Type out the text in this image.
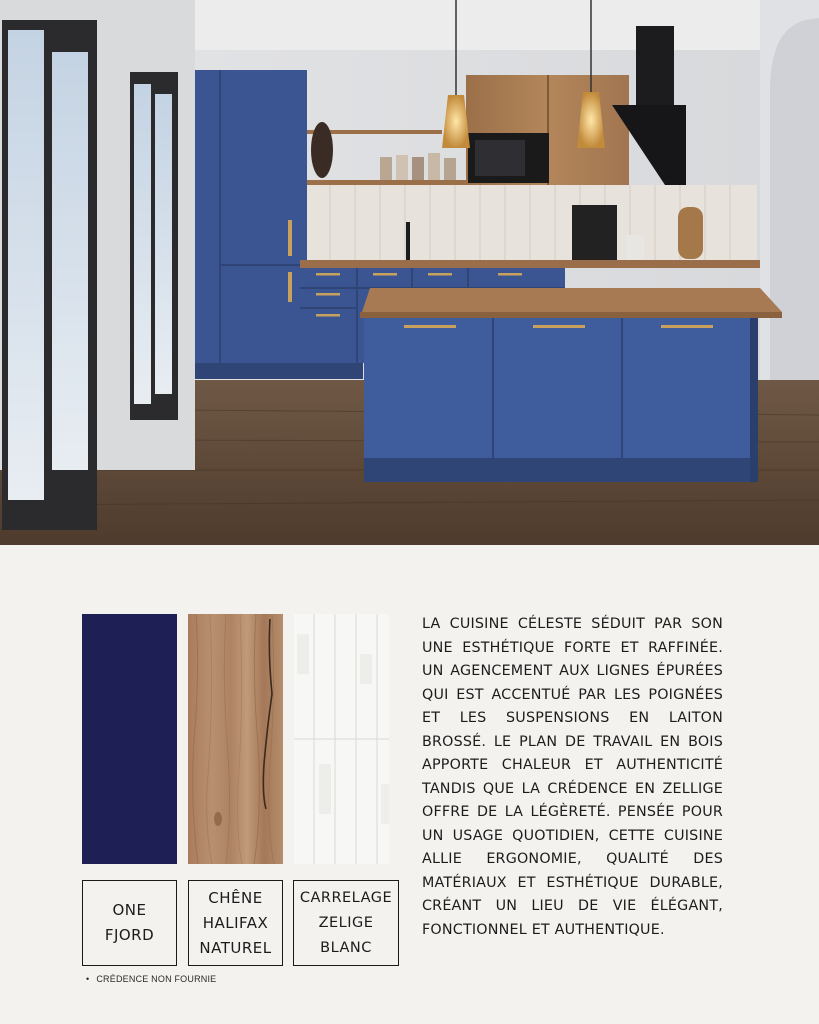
ONE
FJORD
CHÊNE
HALIFAX
NATUREL
CARRELAGE
ZELIGE
BLANC
• CRÉDENCE NON FOURNIE

LA CUISINE CÉLESTE SÉDUIT PAR SON UNE ESTHÉTIQUE FORTE ET RAFFINÉE. UN AGENCEMENT AUX LIGNES ÉPURÉES QUI EST ACCENTUÉ PAR LES POIGNÉES ET LES SUSPENSIONS EN LAITON BROSSÉ. LE PLAN DE TRAVAIL EN BOIS APPORTE CHALEUR ET AUTHENTICITÉ TANDIS QUE LA CRÉDENCE EN ZELLIGE OFFRE DE LA LÉGÈRETÉ. PENSÉE POUR UN USAGE QUOTIDIEN, CETTE CUISINE ALLIE ERGONOMIE, QUALITÉ DES MATÉRIAUX ET ESTHÉTIQUE DURABLE, CRÉANT UN LIEU DE VIE ÉLÉGANT, FONCTIONNEL ET AUTHENTIQUE.
